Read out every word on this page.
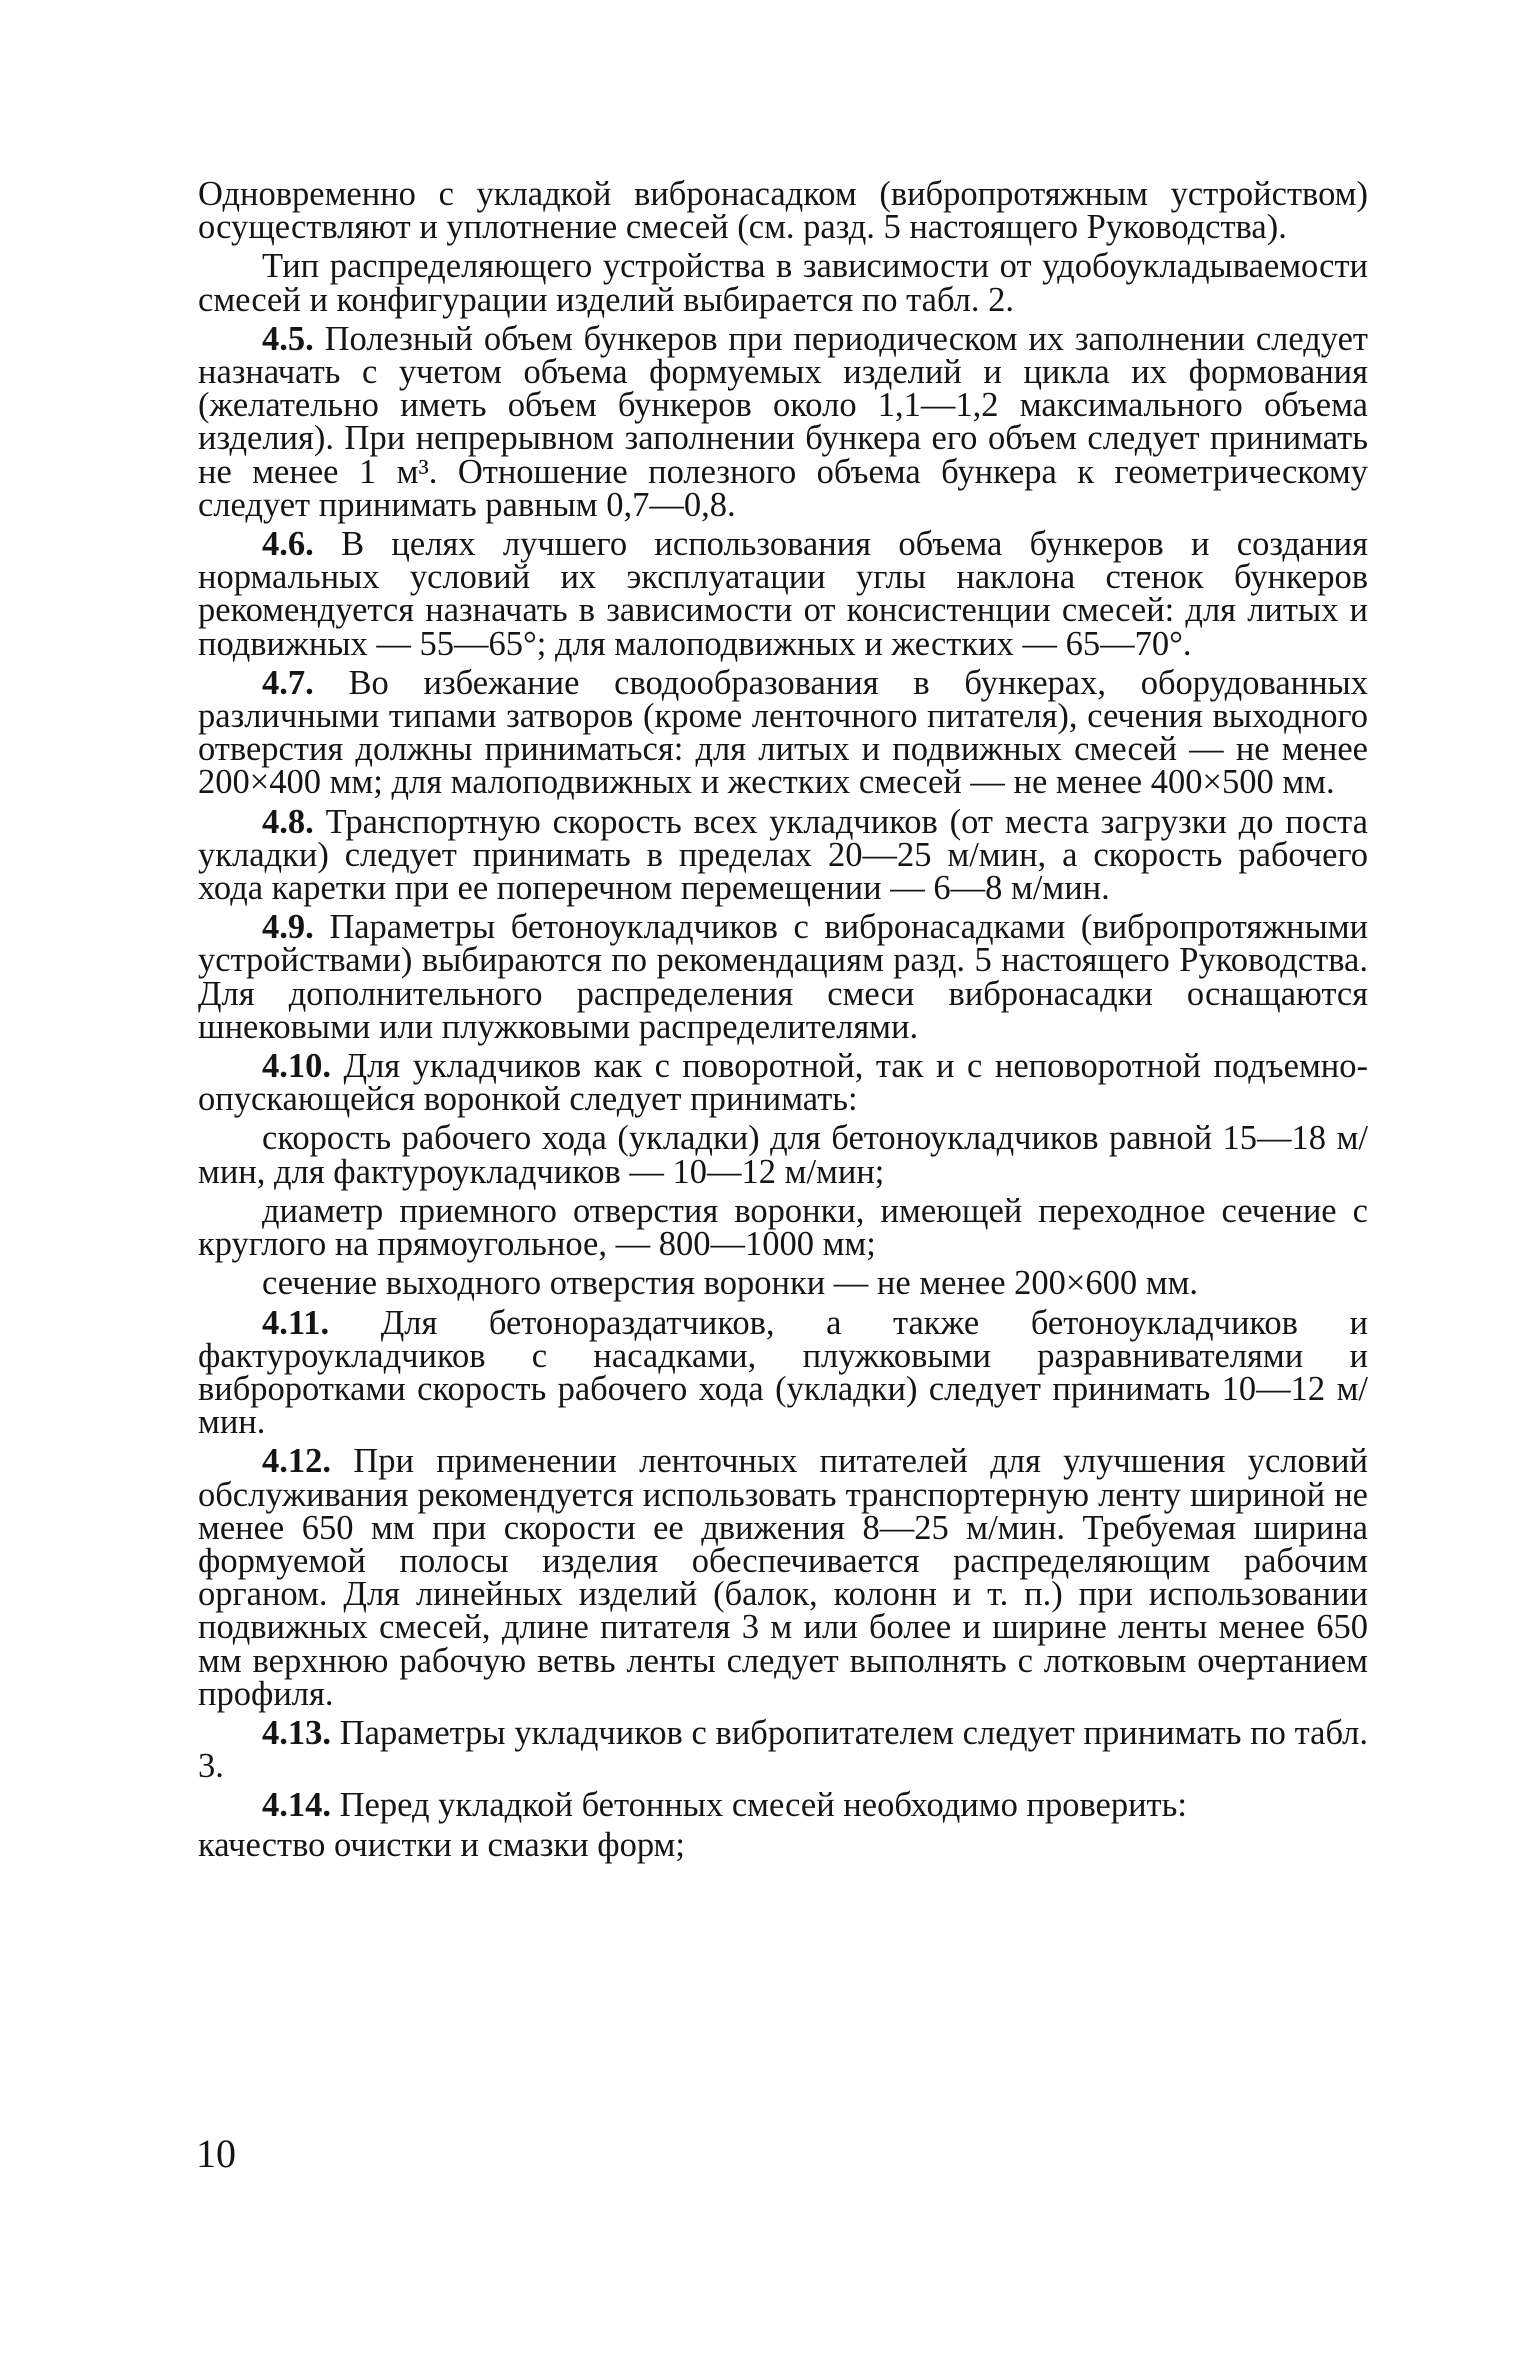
Одновременно с укладкой вибронасадком (вибропротяжным устройством) осуществляют и уплотнение смесей (см. разд. 5 настоящего Руководства).

Тип распределяющего устройства в зависимости от удобоукладываемости смесей и конфигурации изделий выбирается по табл. 2.

4.5. Полезный объем бункеров при периодическом их заполнении следует назначать с учетом объема формуемых изделий и цикла их формования (желательно иметь объем бункеров около 1,1—1,2 максимального объема изделия). При непрерывном заполнении бункера его объем следует принимать не менее 1 м³. Отношение полезного объема бункера к геометрическому следует принимать равным 0,7—0,8.

4.6. В целях лучшего использования объема бункеров и создания нормальных условий их эксплуатации углы наклона стенок бункеров рекомендуется назначать в зависимости от консистенции смесей: для литых и подвижных — 55—65°; для малоподвижных и жестких — 65—70°.

4.7. Во избежание сводообразования в бункерах, оборудованных различными типами затворов (кроме ленточного питателя), сечения выходного отверстия должны приниматься: для литых и подвижных смесей — не менее 200×400 мм; для малоподвижных и жестких смесей — не менее 400×500 мм.

4.8. Транспортную скорость всех укладчиков (от места загрузки до поста укладки) следует принимать в пределах 20—25 м/мин, а скорость рабочего хода каретки при ее поперечном перемещении — 6—8 м/мин.

4.9. Параметры бетоноукладчиков с вибронасадками (вибропротяжными устройствами) выбираются по рекомендациям разд. 5 настоящего Руководства. Для дополнительного распределения смеси вибронасадки оснащаются шнековыми или плужковыми распределителями.

4.10. Для укладчиков как с поворотной, так и с неповоротной подъемно-опускающейся воронкой следует принимать:

скорость рабочего хода (укладки) для бетоноукладчиков равной 15—18 м/мин, для фактуроукладчиков — 10—12 м/мин;

диаметр приемного отверстия воронки, имеющей переходное сечение с круглого на прямоугольное, — 800—1000 мм;

сечение выходного отверстия воронки — не менее 200×600 мм.

4.11. Для бетонораздатчиков, а также бетоноукладчиков и фактуроукладчиков с насадками, плужковыми разравнивателями и виброротками скорость рабочего хода (укладки) следует принимать 10—12 м/мин.

4.12. При применении ленточных питателей для улучшения условий обслуживания рекомендуется использовать транспортерную ленту шириной не менее 650 мм при скорости ее движения 8—25 м/мин. Требуемая ширина формуемой полосы изделия обеспечивается распределяющим рабочим органом. Для линейных изделий (балок, колонн и т. п.) при использовании подвижных смесей, длине питателя 3 м или более и ширине ленты менее 650 мм верхнюю рабочую ветвь ленты следует выполнять с лотковым очертанием профиля.

4.13. Параметры укладчиков с вибропитателем следует принимать по табл. 3.

4.14. Перед укладкой бетонных смесей необходимо проверить:

качество очистки и смазки форм;

10
